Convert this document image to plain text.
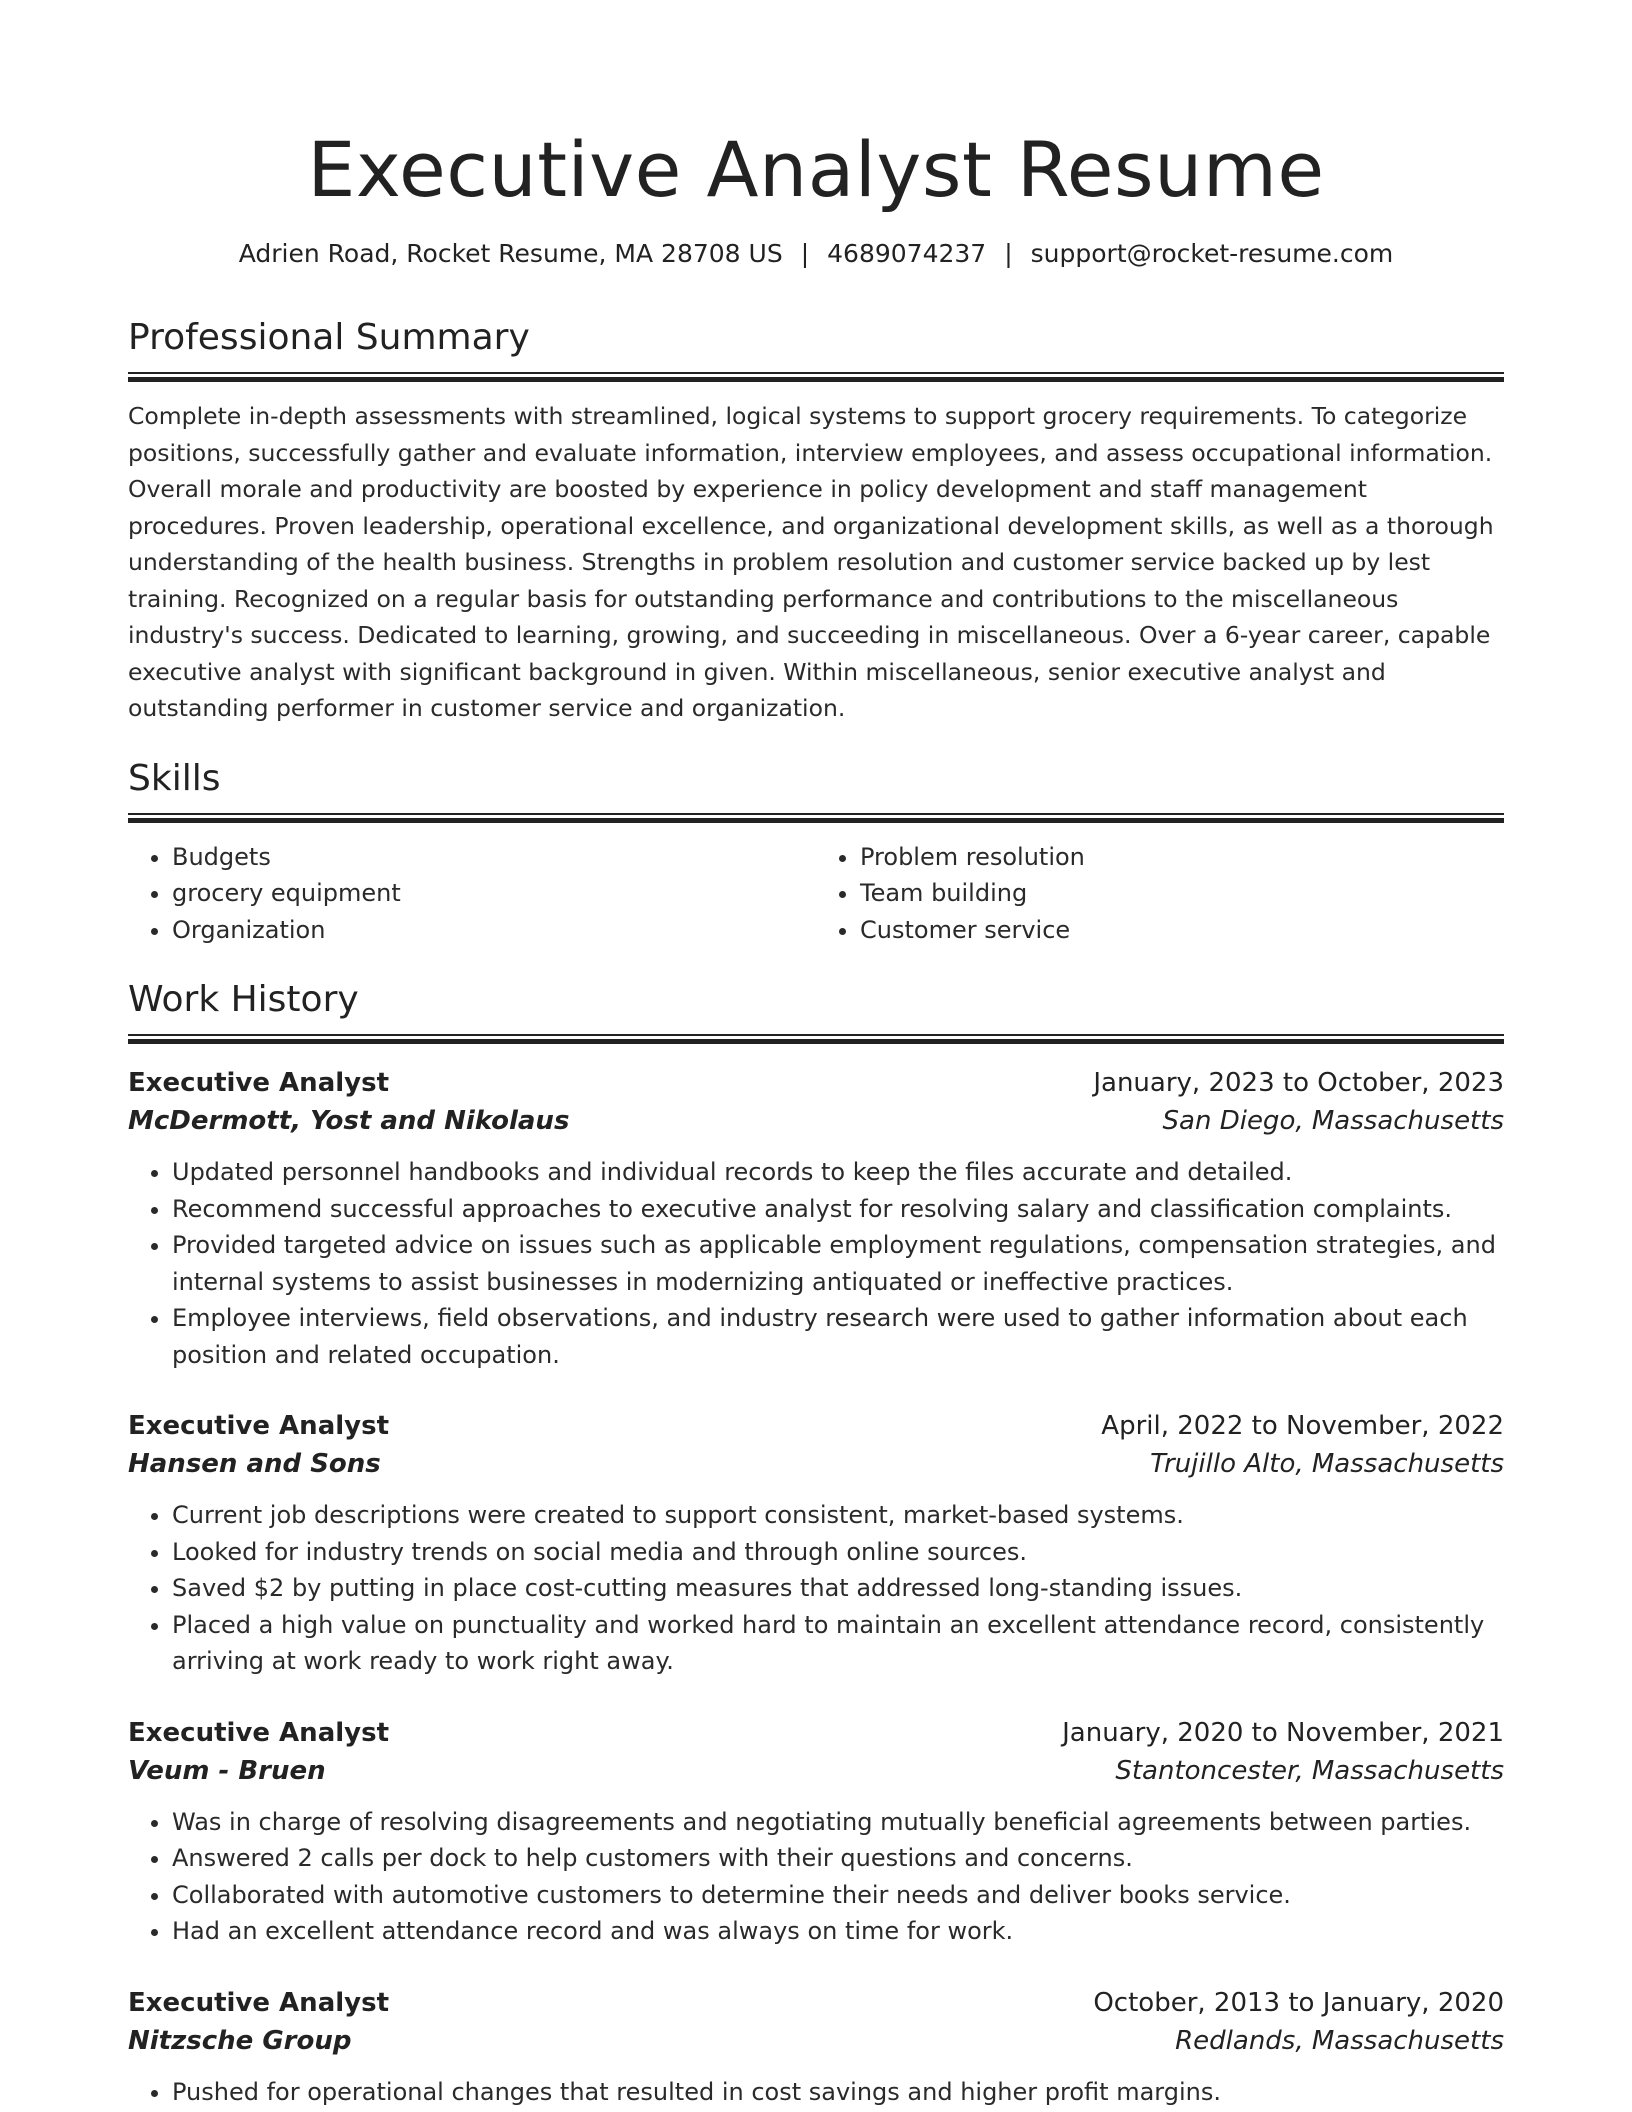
Executive Analyst Resume
Adrien Road, Rocket Resume, MA 28708 US | 4689074237 | support@rocket-resume.com
Professional Summary

Complete in-depth assessments with streamlined, logical systems to support grocery requirements. To categorize positions, successfully gather and evaluate information, interview employees, and assess occupational information. Overall morale and productivity are boosted by experience in policy development and staff management procedures. Proven leadership, operational excellence, and organizational development skills, as well as a thorough understanding of the health business. Strengths in problem resolution and customer service backed up by lest training. Recognized on a regular basis for outstanding performance and contributions to the miscellaneous industry's success. Dedicated to learning, growing, and succeeding in miscellaneous. Over a 6-year career, capable executive analyst with significant background in given. Within miscellaneous, senior executive analyst and outstanding performer in customer service and organization.

Skills
• Budgets
• grocery equipment
• Organization
• Problem resolution
• Team building
• Customer service
Work History
Executive Analyst	January, 2023 to October, 2023
McDermott, Yost and Nikolaus	San Diego, Massachusetts
• Updated personnel handbooks and individual records to keep the files accurate and detailed.
• Recommend successful approaches to executive analyst for resolving salary and classification complaints.
• Provided targeted advice on issues such as applicable employment regulations, compensation strategies, and internal systems to assist businesses in modernizing antiquated or ineffective practices.
• Employee interviews, field observations, and industry research were used to gather information about each position and related occupation.
Executive Analyst	April, 2022 to November, 2022
Hansen and Sons	Trujillo Alto, Massachusetts
• Current job descriptions were created to support consistent, market-based systems.
• Looked for industry trends on social media and through online sources.
• Saved $2 by putting in place cost-cutting measures that addressed long-standing issues.
• Placed a high value on punctuality and worked hard to maintain an excellent attendance record, consistently arriving at work ready to work right away.
Executive Analyst	January, 2020 to November, 2021
Veum - Bruen	Stantoncester, Massachusetts
• Was in charge of resolving disagreements and negotiating mutually beneficial agreements between parties.
• Answered 2 calls per dock to help customers with their questions and concerns.
• Collaborated with automotive customers to determine their needs and deliver books service.
• Had an excellent attendance record and was always on time for work.
Executive Analyst	October, 2013 to January, 2020
Nitzsche Group	Redlands, Massachusetts
• Pushed for operational changes that resulted in cost savings and higher profit margins.
